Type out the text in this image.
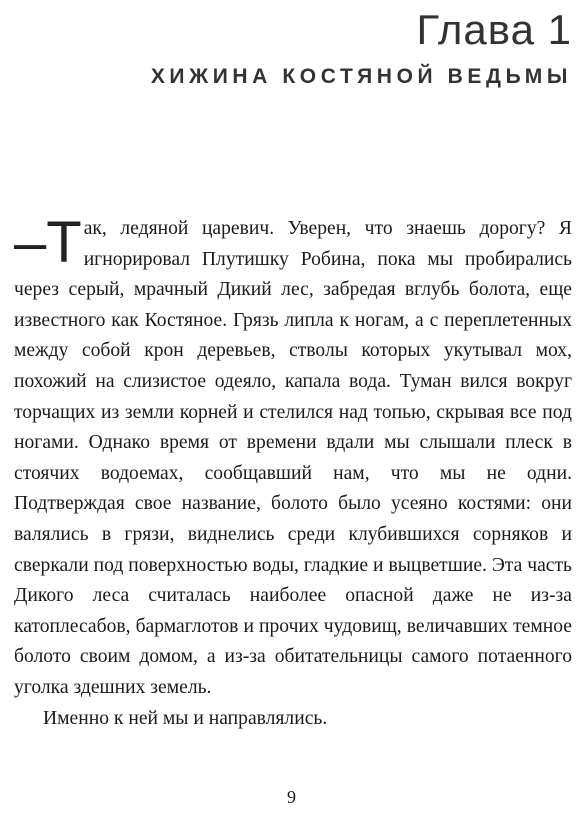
Глава 1
ХИЖИНА КОСТЯНОЙ ВЕДЬМЫ

–Т ак, ледяной царевич. Уверен, что знаешь дорогу? Я игнорировал Плутишку Робина, пока мы пробирались через серый, мрачный Дикий лес, забредая вглубь болота, еще известного как Костяное. Грязь липла к ногам, а с переплетенных между собой крон деревьев, стволы которых укутывал мох, похожий на слизистое одеяло, капала вода. Туман вился вокруг торчащих из земли корней и стелился над топью, скрывая все под ногами. Однако время от времени вдали мы слышали плеск в стоячих водоемах, сообщавший нам, что мы не одни. Подтверждая свое название, болото было усеяно костями: они валялись в грязи, виднелись среди клубившихся сорняков и сверкали под поверхностью воды, гладкие и выцветшие. Эта часть Дикого леса считалась наиболее опасной даже не из-за катоплесабов, бармаглотов и прочих чудовищ, величавших темное болото своим домом, а из-за обитательницы самого потаенного уголка здешних земель.

Именно к ней мы и направлялись.

9
